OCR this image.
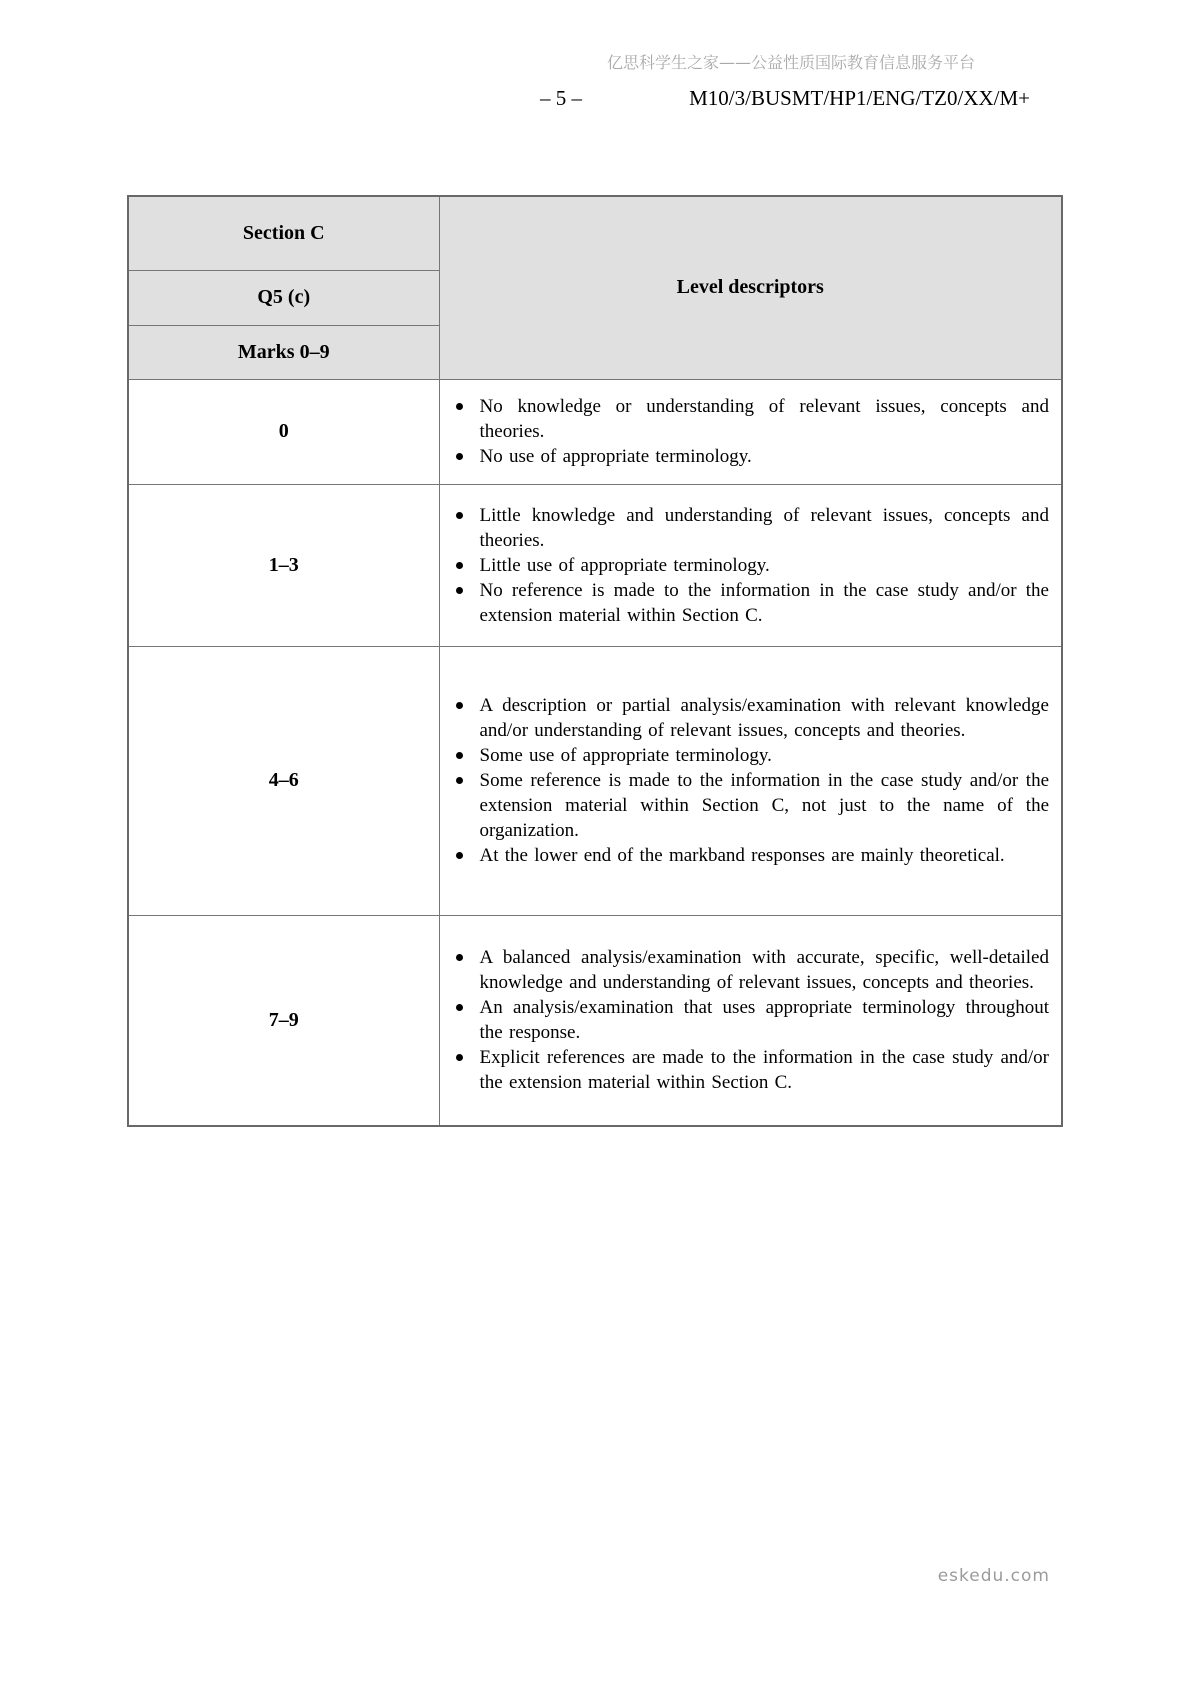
亿思科学生之家——公益性质国际教育信息服务平台
– 5 –	M10/3/BUSMT/HP1/ENG/TZ0/XX/M+
Section C	Level descriptors
Q5 (c)	
Marks 0–9	
0	
No knowledge or understanding of relevant issues, concepts and theories.
No use of appropriate terminology.

1–3	
Little knowledge and understanding of relevant issues, concepts and theories.
Little use of appropriate terminology.
No reference is made to the information in the case study and/or the extension material within Section C.

4–6	
A description or partial analysis/examination with relevant knowledge and/or understanding of relevant issues, concepts and theories.
Some use of appropriate terminology.
Some reference is made to the information in the case study and/or the extension material within Section C, not just to the name of the organization.
At the lower end of the markband responses are mainly theoretical.

7–9	
A balanced analysis/examination with accurate, specific, well-detailed knowledge and understanding of relevant issues, concepts and theories.
An analysis/examination that uses appropriate terminology throughout the response.
Explicit references are made to the information in the case study and/or the extension material within Section C.
eskedu.com
